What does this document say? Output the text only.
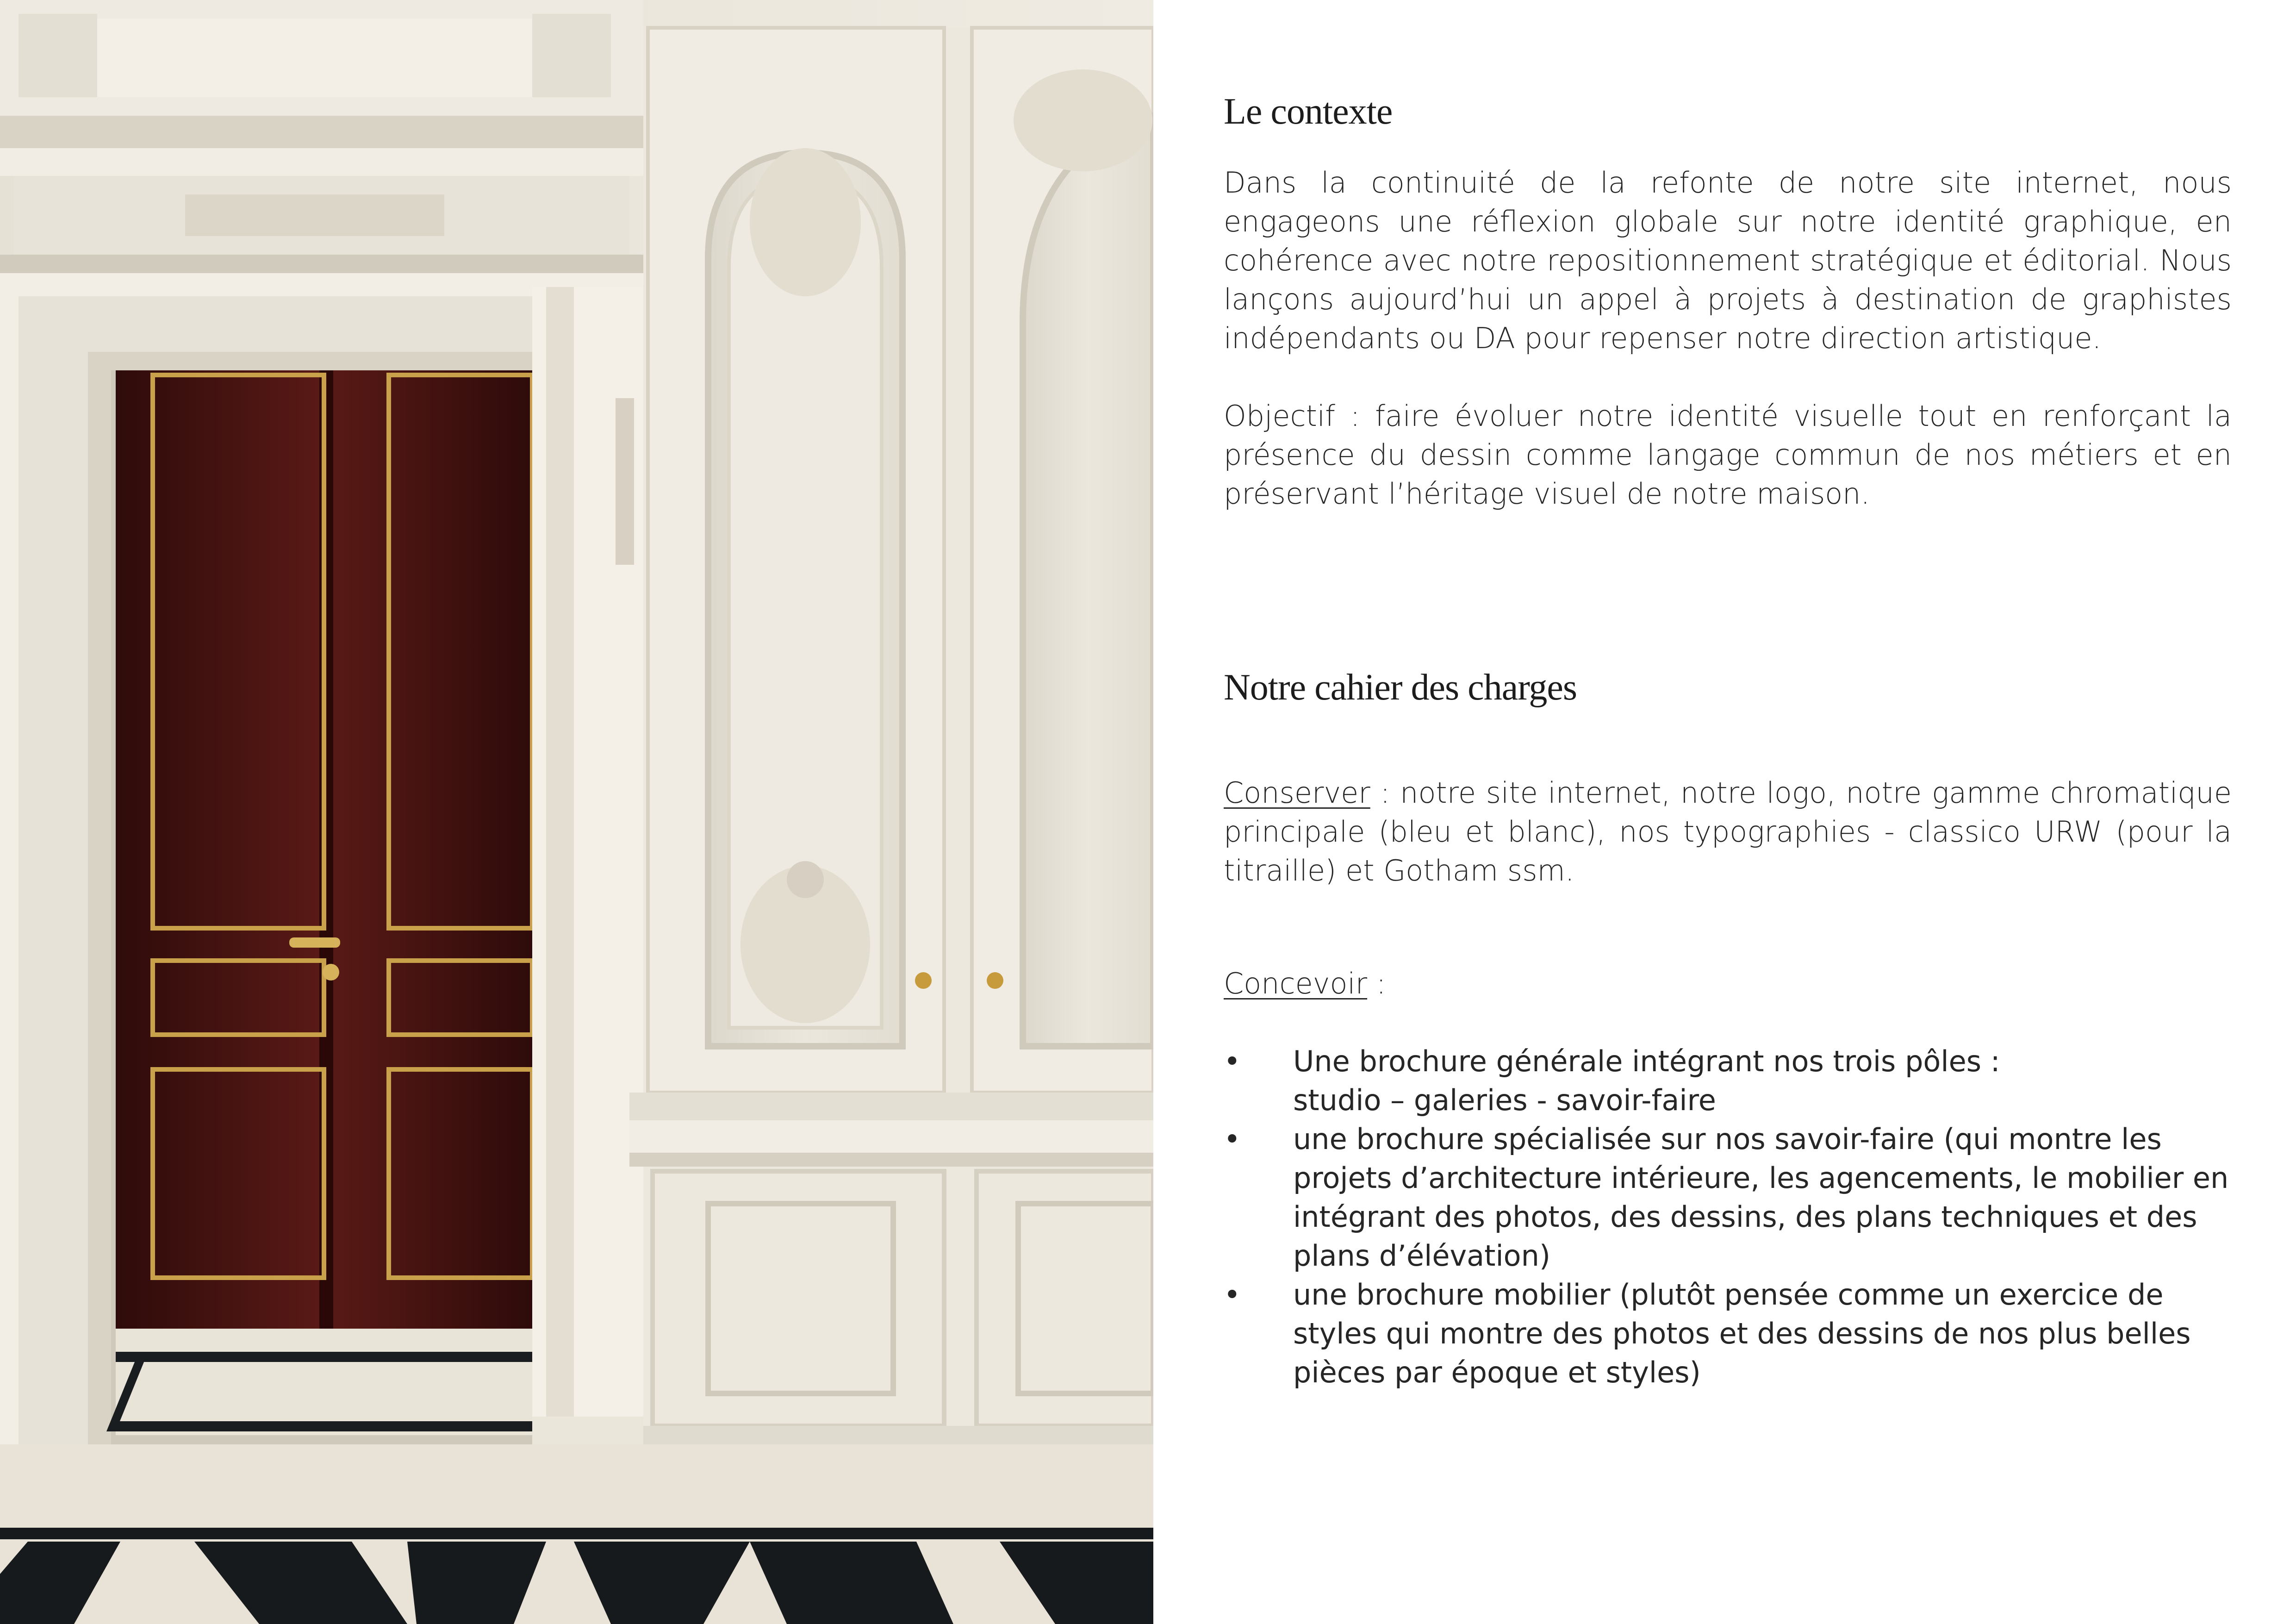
Le contexte

Dans la continuité de la refonte de notre site internet, nous engageons une réflexion globale sur notre identité graphique, en cohérence avec notre repositionnement stratégique et éditorial. Nous lançons aujourd’hui un appel à projets à destination de graphistes indépendants ou DA pour repenser notre direction artistique.

Objectif : faire évoluer notre identité visuelle tout en renforçant la présence du dessin comme langage commun de nos métiers et en préservant l’héritage visuel de notre maison.

Notre cahier des charges

Conserver : notre site internet, notre logo, notre gamme chromatique principale (bleu et blanc), nos typographies - classico URW (pour la titraille) et Gotham ssm.

Concevoir :

• Une brochure générale intégrant nos trois pôles :
studio – galeries - savoir-faire
• une brochure spécialisée sur nos savoir-faire (qui montre les projets d’architecture intérieure, les agencements, le mobilier en intégrant des photos, des dessins, des plans techniques et des plans d’élévation)
• une brochure mobilier (plutôt pensée comme un exercice de styles qui montre des photos et des dessins de nos plus belles pièces par époque et styles)
